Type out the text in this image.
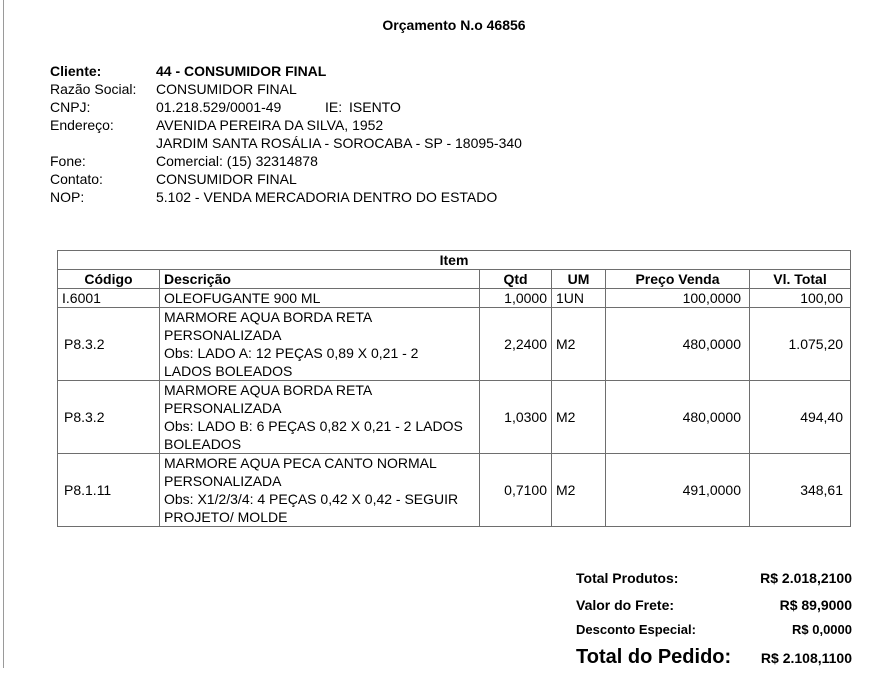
Orçamento N.o 46856
Cliente:	44 - CONSUMIDOR FINAL
Razão Social: CONSUMIDOR FINAL
CNPJ:	01.218.529/0001-49	IE: ISENTO
Endereço:	AVENIDA PEREIRA DA SILVA, 1952
JARDIM SANTA ROSÁLIA - SOROCABA - SP - 18095-340
Fone:	Comercial: (15) 32314878
Contato:	CONSUMIDOR FINAL
NOP:	5.102 - VENDA MERCADORIA DENTRO DO ESTADO
Item					
Código	Descrição	Qtd	UM	Preço Venda	Vl. Total
I.6001	OLEOFUGANTE 900 ML	1,0000	1UN	100,0000	100,00
P8.3.2	MARMORE AQUA BORDA RETA
PERSONALIZADA
Obs: LADO A: 12 PEÇAS 0,89 X 0,21 - 2
LADOS BOLEADOS	2,2400	M2	480,0000	1.075,20
P8.3.2	MARMORE AQUA BORDA RETA
PERSONALIZADA
Obs: LADO B: 6 PEÇAS 0,82 X 0,21 - 2 LADOS
BOLEADOS	1,0300	M2	480,0000	494,40
P8.1.11	MARMORE AQUA PECA CANTO NORMAL
PERSONALIZADA
Obs: X1/2/3/4: 4 PEÇAS 0,42 X 0,42 - SEGUIR
PROJETO/ MOLDE	0,7100	M2	491,0000	348,61
Total Produtos:	R$ 2.018,2100
Valor do Frete:	R$ 89,9000
Desconto Especial:	R$ 0,0000
Total do Pedido: R$ 2.108,1100
